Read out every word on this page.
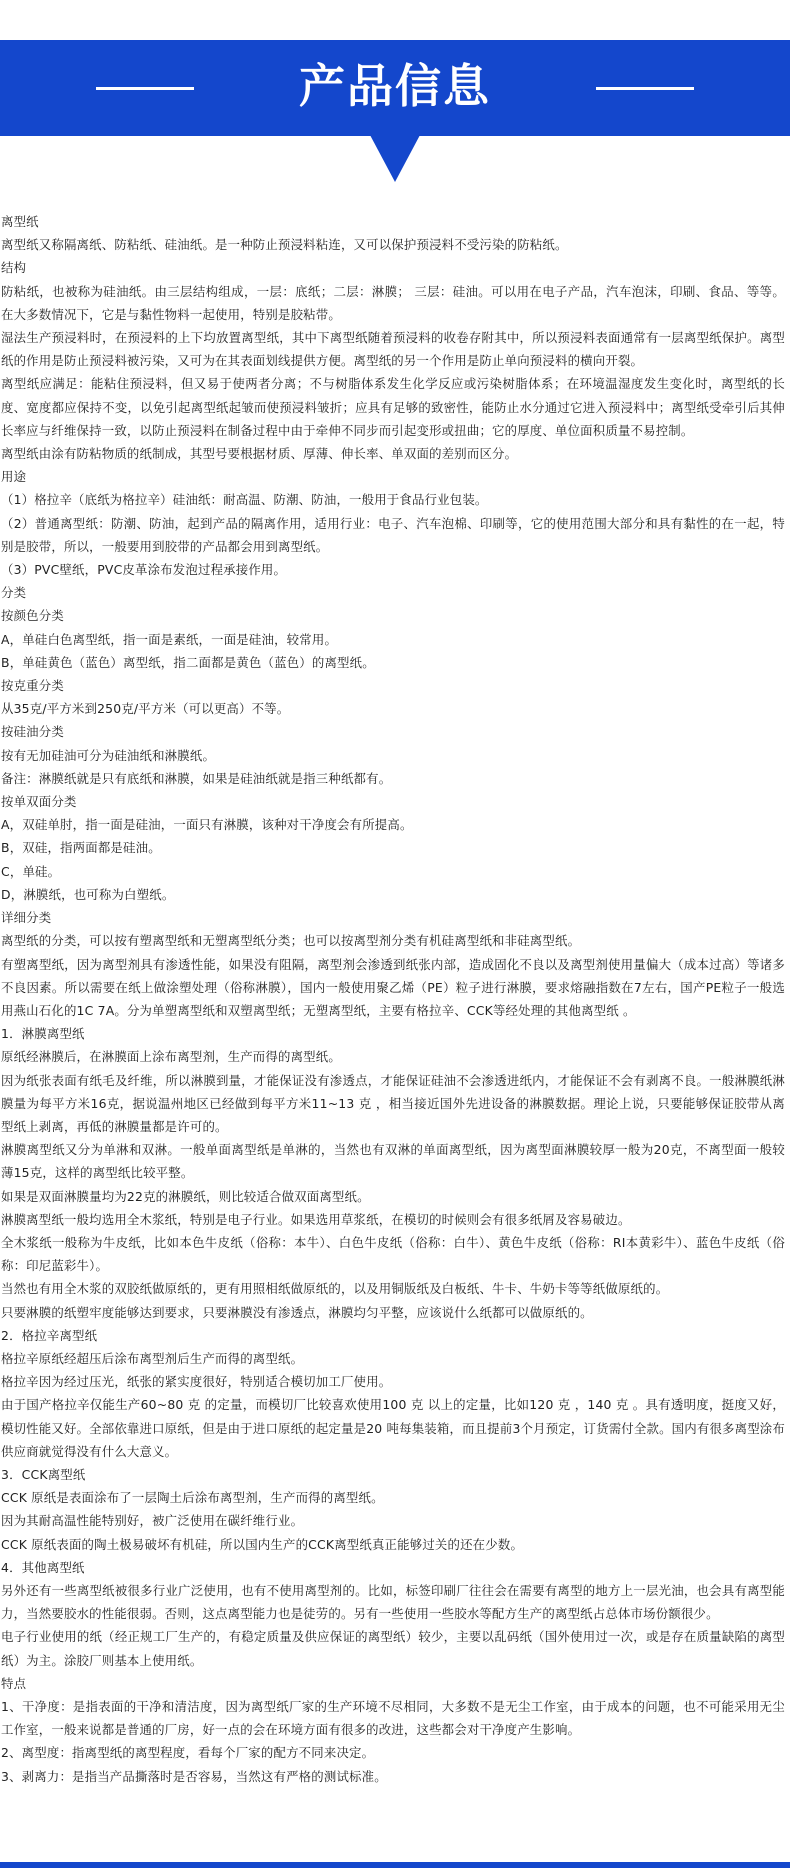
产品信息

离型纸

离型纸又称隔离纸、防粘纸、硅油纸。是一种防止预浸料粘连，又可以保护预浸料不受污染的防粘纸。

结构

防粘纸，也被称为硅油纸。由三层结构组成，一层：底纸；二层：淋膜； 三层：硅油。可以用在电子产品，汽车泡沫，印刷、食品、等等。在大多数情况下，它是与黏性物料一起使用，特别是胶粘带。

湿法生产预浸料时，在预浸料的上下均放置离型纸，其中下离型纸随着预浸料的收卷存附其中，所以预浸料表面通常有一层离型纸保护。离型纸的作用是防止预浸料被污染，又可为在其表面划线提供方便。离型纸的另一个作用是防止单向预浸料的横向开裂。

离型纸应满足：能粘住预浸料，但又易于使两者分离；不与树脂体系发生化学反应或污染树脂体系；在环境温湿度发生变化时，离型纸的长度、宽度都应保持不变，以免引起离型纸起皱而使预浸料皱折；应具有足够的致密性，能防止水分通过它进入预浸料中；离型纸受牵引后其伸长率应与纤维保持一致，以防止预浸料在制备过程中由于牵伸不同步而引起变形或扭曲；它的厚度、单位面积质量不易控制。

离型纸由涂有防粘物质的纸制成，其型号要根据材质、厚薄、伸长率、单双面的差别而区分。

用途

（1）格拉辛（底纸为格拉辛）硅油纸：耐高温、防潮、防油，一般用于食品行业包装。

（2）普通离型纸：防潮、防油，起到产品的隔离作用，适用行业：电子、汽车泡棉、印刷等，它的使用范围大部分和具有黏性的在一起，特别是胶带，所以，一般要用到胶带的产品都会用到离型纸。

（3）PVC壁纸，PVC皮革涂布发泡过程承接作用。

分类

按颜色分类

A，单硅白色离型纸，指一面是素纸，一面是硅油，较常用。

B，单硅黄色（蓝色）离型纸，指二面都是黄色（蓝色）的离型纸。

按克重分类

从35克/平方米到250克/平方米（可以更高）不等。

按硅油分类

按有无加硅油可分为硅油纸和淋膜纸。

备注：淋膜纸就是只有底纸和淋膜，如果是硅油纸就是指三种纸都有。

按单双面分类

A，双硅单肘，指一面是硅油，一面只有淋膜，该种对干净度会有所提高。

B，双硅，指两面都是硅油。

C，单硅。

D，淋膜纸，也可称为白塑纸。

详细分类

离型纸的分类，可以按有塑离型纸和无塑离型纸分类；也可以按离型剂分类有机硅离型纸和非硅离型纸。

有塑离型纸，因为离型剂具有渗透性能，如果没有阻隔，离型剂会渗透到纸张内部，造成固化不良以及离型剂使用量偏大（成本过高）等诸多不良因素。所以需要在纸上做涂塑处理（俗称淋膜），国内一般使用聚乙烯（PE）粒子进行淋膜，要求熔融指数在7左右，国产PE粒子一般选用燕山石化的1C 7A。分为单塑离型纸和双塑离型纸；无塑离型纸，主要有格拉辛、CCK等经处理的其他离型纸 。

1．淋膜离型纸

原纸经淋膜后，在淋膜面上涂布离型剂，生产而得的离型纸。

因为纸张表面有纸毛及纤维，所以淋膜到量，才能保证没有渗透点，才能保证硅油不会渗透进纸内，才能保证不会有剥离不良。一般淋膜纸淋膜量为每平方米16克，据说温州地区已经做到每平方米11~13 克 ，相当接近国外先进设备的淋膜数据。理论上说，只要能够保证胶带从离型纸上剥离，再低的淋膜量都是许可的。

淋膜离型纸又分为单淋和双淋。一般单面离型纸是单淋的，当然也有双淋的单面离型纸，因为离型面淋膜较厚一般为20克，不离型面一般较薄15克，这样的离型纸比较平整。

如果是双面淋膜量均为22克的淋膜纸，则比较适合做双面离型纸。

淋膜离型纸一般均选用全木浆纸，特别是电子行业。如果选用草浆纸，在模切的时候则会有很多纸屑及容易破边。

全木浆纸一般称为牛皮纸，比如本色牛皮纸（俗称：本牛）、白色牛皮纸（俗称：白牛）、黄色牛皮纸（俗称：RI本黄彩牛）、蓝色牛皮纸（俗称：印尼蓝彩牛）。

当然也有用全木浆的双胶纸做原纸的，更有用照相纸做原纸的，以及用铜版纸及白板纸、牛卡、牛奶卡等等纸做原纸的。

只要淋膜的纸塑牢度能够达到要求，只要淋膜没有渗透点，淋膜均匀平整，应该说什么纸都可以做原纸的。

2．格拉辛离型纸

格拉辛原纸经超压后涂布离型剂后生产而得的离型纸。

格拉辛因为经过压光，纸张的紧实度很好，特别适合模切加工厂使用。

由于国产格拉辛仅能生产60~80 克 的定量，而模切厂比较喜欢使用100 克 以上的定量，比如120 克 ，140 克 。具有透明度，挺度又好，模切性能又好。全部依靠进口原纸，但是由于进口原纸的起定量是20 吨每集装箱，而且提前3个月预定，订货需付全款。国内有很多离型涂布供应商就觉得没有什么大意义。

3．CCK离型纸

CCK 原纸是表面涂布了一层陶土后涂布离型剂，生产而得的离型纸。

因为其耐高温性能特别好，被广泛使用在碳纤维行业。

CCK 原纸表面的陶土极易破坏有机硅，所以国内生产的CCK离型纸真正能够过关的还在少数。

4．其他离型纸

另外还有一些离型纸被很多行业广泛使用，也有不使用离型剂的。比如，标签印刷厂往往会在需要有离型的地方上一层光油，也会具有离型能力，当然要胶水的性能很弱。否则，这点离型能力也是徒劳的。另有一些使用一些胶水等配方生产的离型纸占总体市场份额很少。

电子行业使用的纸（经正规工厂生产的，有稳定质量及供应保证的离型纸）较少，主要以乱码纸（国外使用过一次，或是存在质量缺陷的离型纸）为主。涂胶厂则基本上使用纸。

特点

1、干净度：是指表面的干净和清洁度，因为离型纸厂家的生产环境不尽相同，大多数不是无尘工作室，由于成本的问题，也不可能采用无尘工作室，一般来说都是普通的厂房，好一点的会在环境方面有很多的改进，这些都会对干净度产生影响。

2、离型度：指离型纸的离型程度，看每个厂家的配方不同来决定。

3、剥离力：是指当产品撕落时是否容易，当然这有严格的测试标准。
